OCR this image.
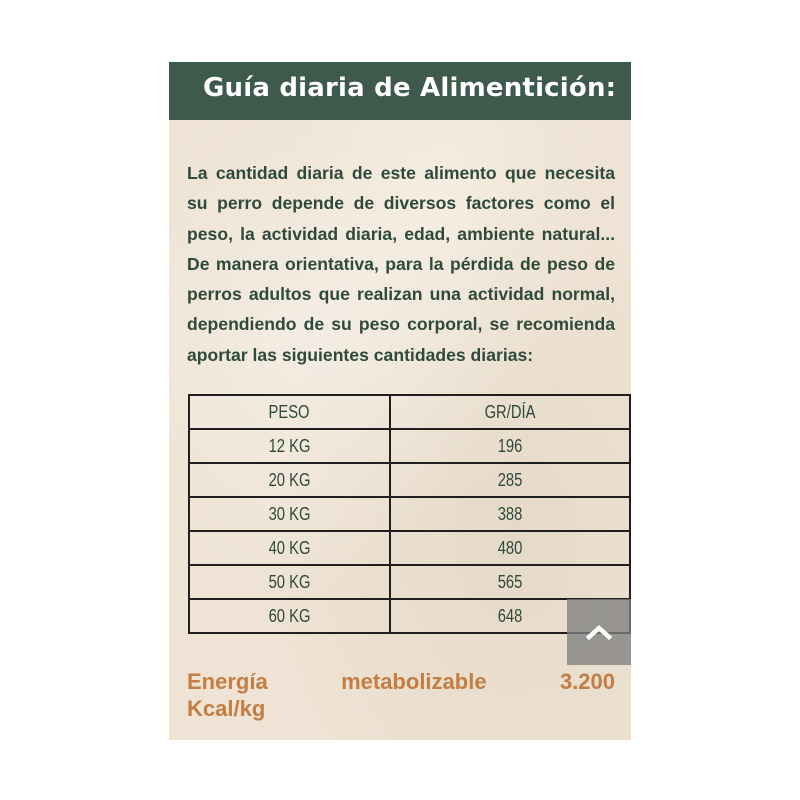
Guía diaria de Alimentición:
La cantidad diaria de este alimento que necesita su perro depende de diversos factores como el peso, la actividad diaria, edad, ambiente natural... De manera orientativa, para la pérdida de peso de perros adultos que realizan una actividad normal, dependiendo de su peso corporal, se recomienda aportar las siguientes cantidades diarias:
PESO	GR/DÍA
12 KG	196
20 KG	285
30 KG	388
40 KG	480
50 KG	565
60 KG	648
Energía	metabolizable	3.200
Kcal/kg
